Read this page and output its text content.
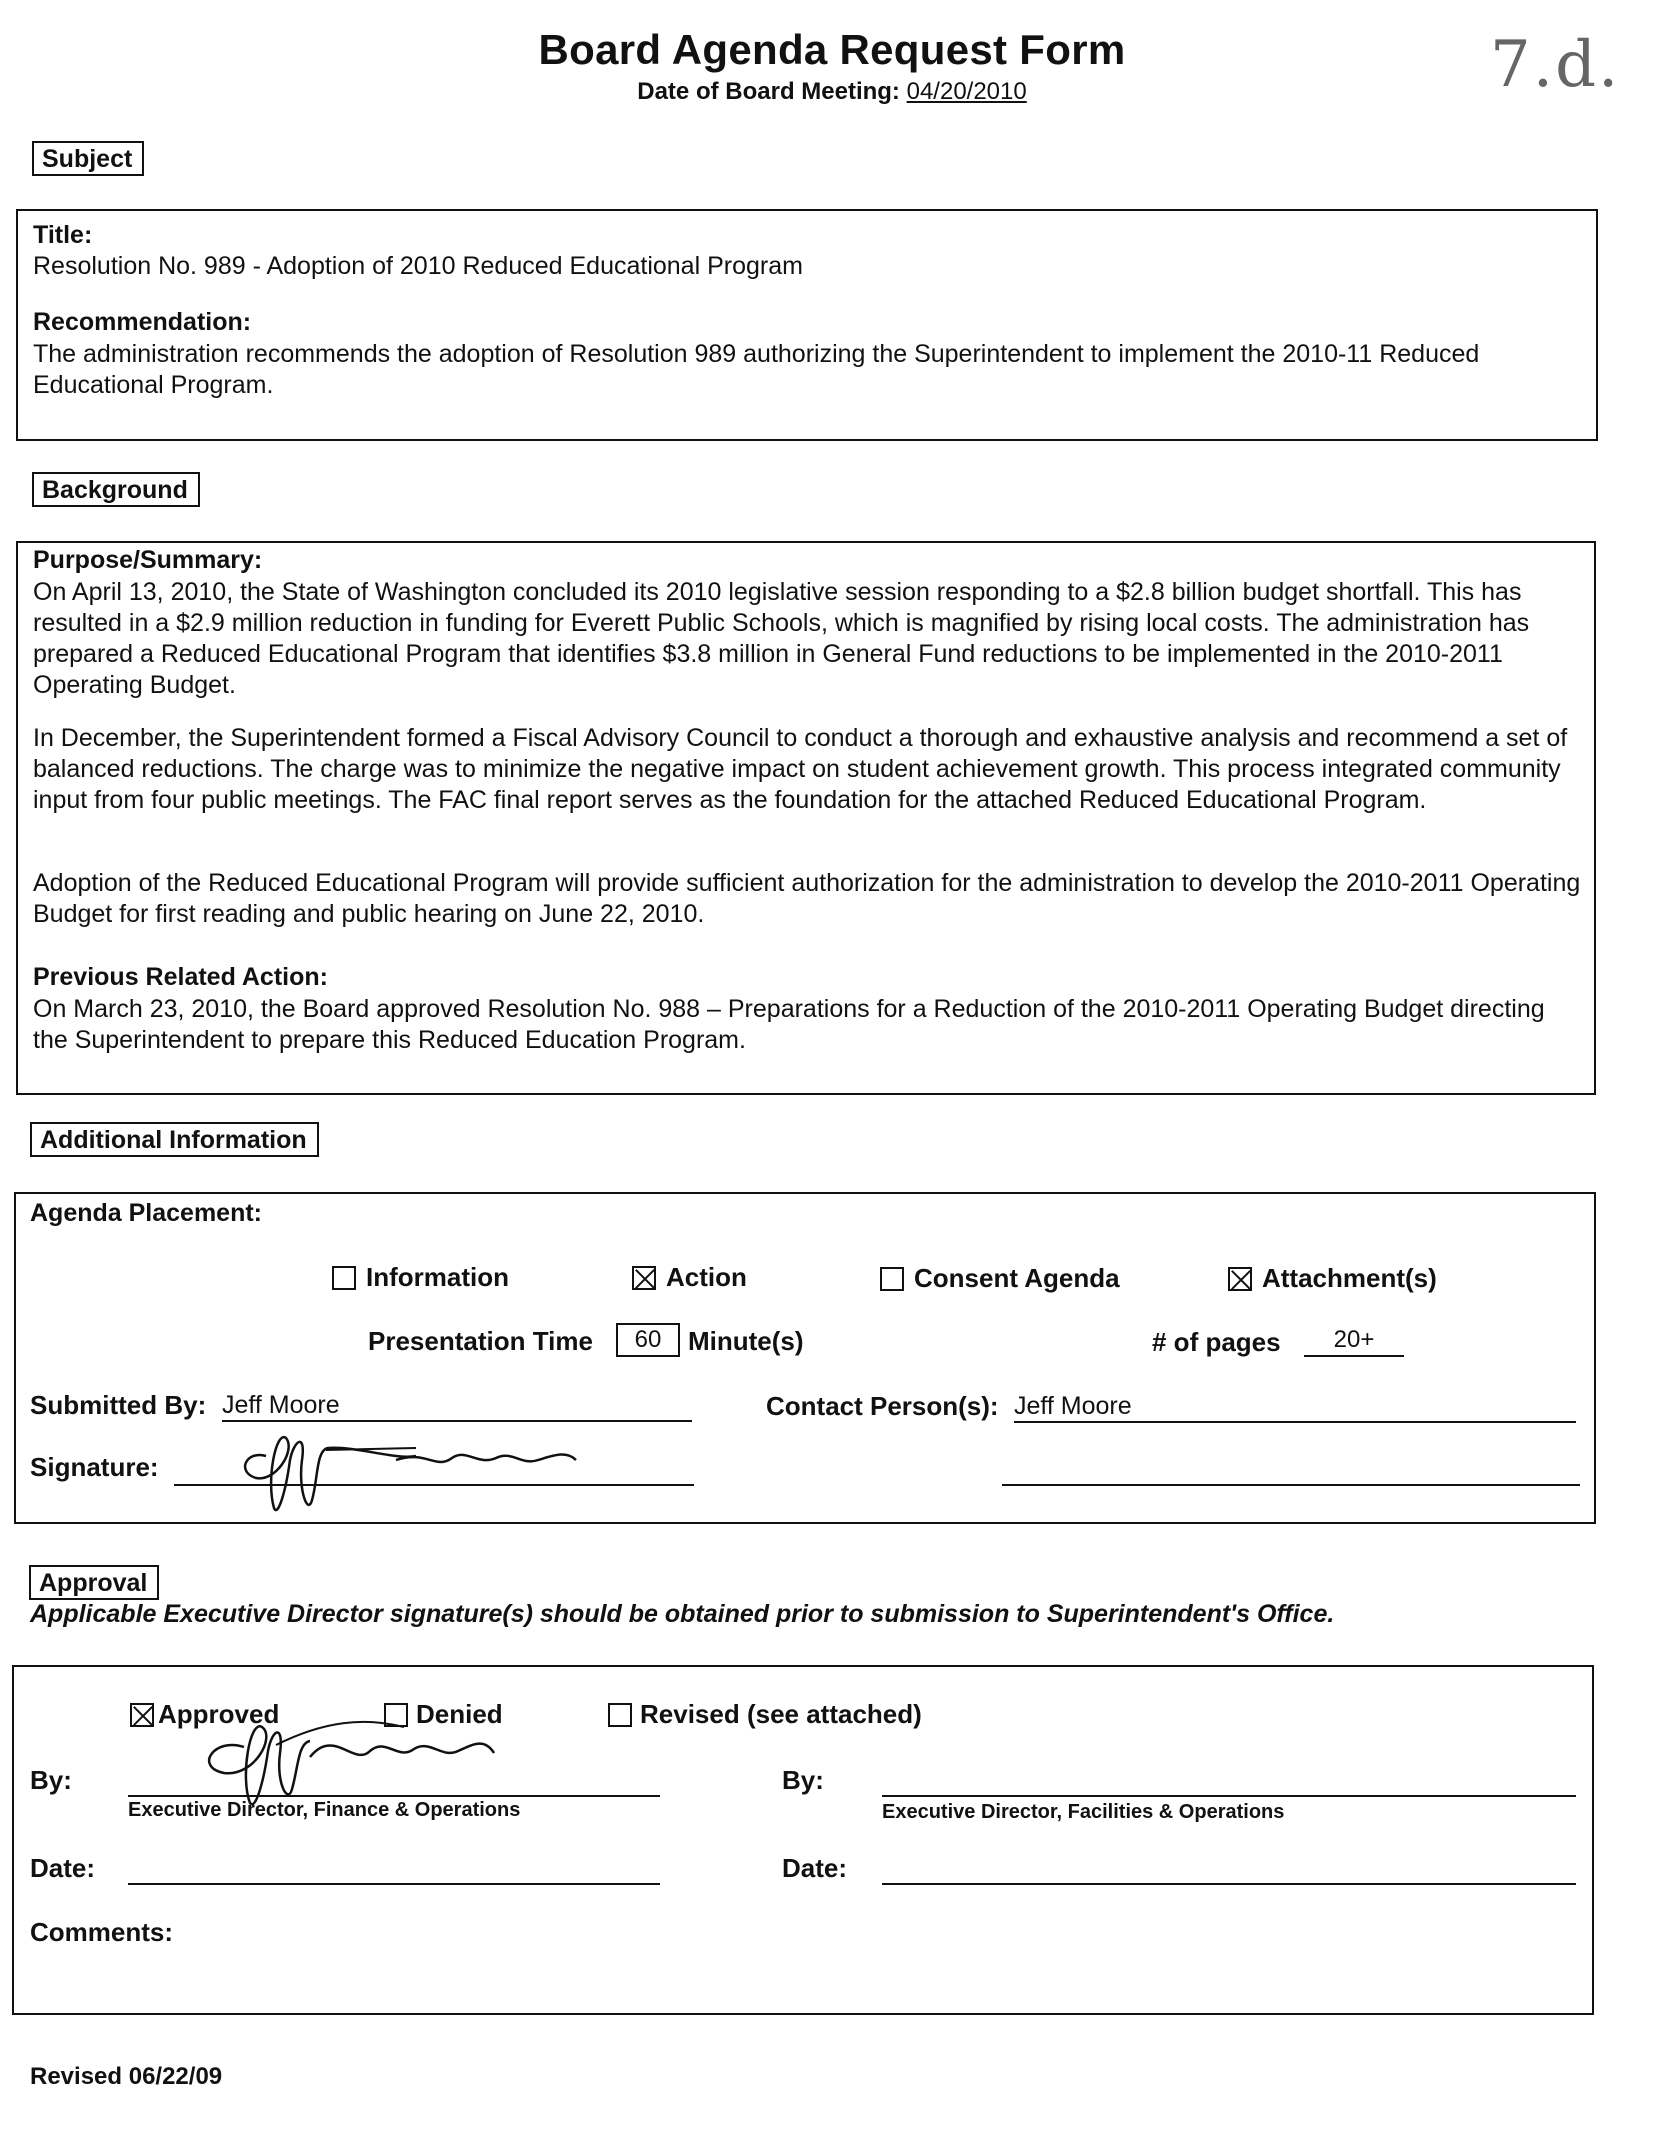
Board Agenda Request Form
Date of Board Meeting: 04/20/2010	7.d.
Subject
Title:
Resolution No. 989 - Adoption of 2010 Reduced Educational Program
Recommendation:
The administration recommends the adoption of Resolution 989 authorizing the Superintendent to implement the 2010-11 Reduced Educational Program.
Background
Purpose/Summary:
On April 13, 2010, the State of Washington concluded its 2010 legislative session responding to a $2.8 billion budget shortfall. This has resulted in a $2.9 million reduction in funding for Everett Public Schools, which is magnified by rising local costs. The administration has prepared a Reduced Educational Program that identifies $3.8 million in General Fund reductions to be implemented in the 2010-2011 Operating Budget.
In December, the Superintendent formed a Fiscal Advisory Council to conduct a thorough and exhaustive analysis and recommend a set of balanced reductions. The charge was to minimize the negative impact on student achievement growth. This process integrated community input from four public meetings. The FAC final report serves as the foundation for the attached Reduced Educational Program.
Adoption of the Reduced Educational Program will provide sufficient authorization for the administration to develop the 2010-2011 Operating Budget for first reading and public hearing on June 22, 2010.
Previous Related Action:
On March 23, 2010, the Board approved Resolution No. 988 – Preparations for a Reduction of the 2010-2011 Operating Budget directing the Superintendent to prepare this Reduced Education Program.
Additional Information
Agenda Placement:
Information	Action	Consent Agenda	Attachment(s)
Presentation Time	60	Minute(s)	# of pages	20+
Submitted By: Jeff Moore	Contact Person(s): Jeff Moore
Signature:
Approval
Applicable Executive Director signature(s) should be obtained prior to submission to Superintendent's Office.
Approved	Denied	Revised (see attached)
By:
Executive Director, Finance & Operations
By:
Executive Director, Facilities & Operations
Date:	Date:
Comments:
Revised 06/22/09
